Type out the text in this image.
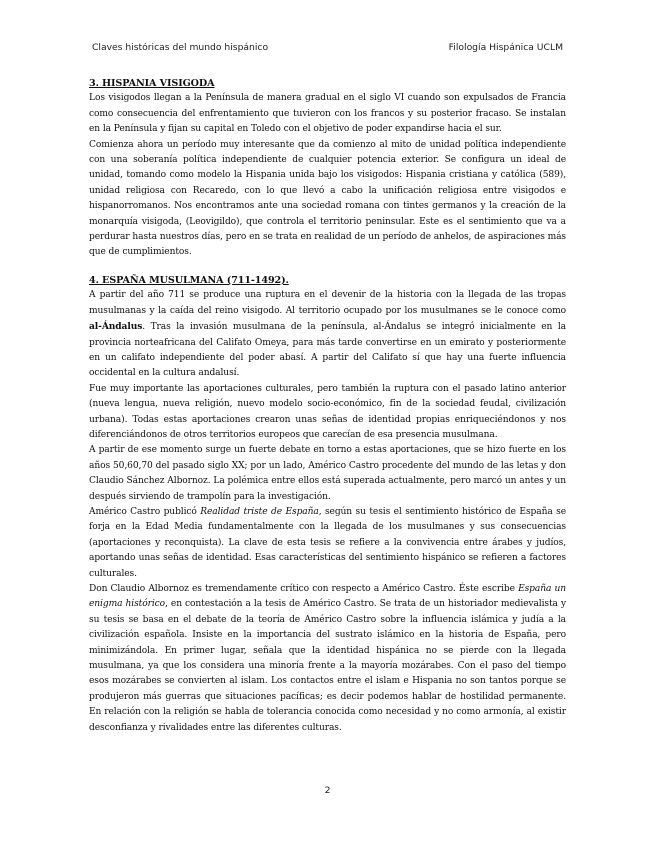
Claves históricas del mundo hispánico	Filología Hispánica UCLM

3. HISPANIA VISIGODA

Los visigodos llegan a la Península de manera gradual en el siglo VI cuando son expulsados de Francia como consecuencia del enfrentamiento que tuvieron con los francos y su posterior fracaso. Se instalan en la Península y fijan su capital en Toledo con el objetivo de poder expandirse hacia el sur.

Comienza ahora un período muy interesante que da comienzo al mito de unidad política independiente con una soberanía política independiente de cualquier potencia exterior. Se configura un ideal de unidad, tomando como modelo la Hispania unida bajo los visigodos: Hispania cristiana y católica (589), unidad religiosa con Recaredo, con lo que llevó a cabo la unificación religiosa entre visigodos e hispanorromanos. Nos encontramos ante una sociedad romana con tintes germanos y la creación de la monarquía visigoda, (Leovigildo), que controla el territorio peninsular. Este es el sentimiento que va a perdurar hasta nuestros días, pero en se trata en realidad de un período de anhelos, de aspiraciones más que de cumplimientos.

4. ESPAÑA MUSULMANA (711-1492).

A partir del año 711 se produce una ruptura en el devenir de la historia con la llegada de las tropas musulmanas y la caída del reino visigodo. Al territorio ocupado por los musulmanes se le conoce como al-Ándalus. Tras la invasión musulmana de la península, al-Ándalus se integró inicialmente en la provincia norteafricana del Califato Omeya, para más tarde convertirse en un emirato y posteriormente en un califato independiente del poder abasí. A partir del Califato sí que hay una fuerte influencia occidental en la cultura andalusí.

Fue muy importante las aportaciones culturales, pero también la ruptura con el pasado latino anterior (nueva lengua, nueva religión, nuevo modelo socio-económico, fin de la sociedad feudal, civilización urbana). Todas estas aportaciones crearon unas señas de identidad propias enriqueciéndonos y nos diferenciándonos de otros territorios europeos que carecían de esa presencia musulmana.

A partir de ese momento surge un fuerte debate en torno a estas aportaciones, que se hizo fuerte en los años 50,60,70 del pasado siglo XX; por un lado, Américo Castro procedente del mundo de las letas y don Claudio Sánchez Albornoz. La polémica entre ellos está superada actualmente, pero marcó un antes y un después sirviendo de trampolín para la investigación.

Américo Castro publicó Realidad triste de España, según su tesis el sentimiento histórico de España se forja en la Edad Media fundamentalmente con la llegada de los musulmanes y sus consecuencias (aportaciones y reconquista). La clave de esta tesis se refiere a la convivencia entre árabes y judíos, aportando unas señas de identidad. Esas características del sentimiento hispánico se refieren a factores culturales.

Don Claudio Albornoz es tremendamente crítico con respecto a Américo Castro. Éste escribe España un enigma histórico, en contestación a la tesis de Américo Castro. Se trata de un historiador medievalista y su tesis se basa en el debate de la teoría de Américo Castro sobre la influencia islámica y judía a la civilización española. Insiste en la importancia del sustrato islámico en la historia de España, pero minimizándola. En primer lugar, señala que la identidad hispánica no se pierde con la llegada musulmana, ya que los considera una minoría frente a la mayoría mozárabes. Con el paso del tiempo esos mozárabes se convierten al islam. Los contactos entre el islam e Hispania no son tantos porque se produjeron más guerras que situaciones pacíficas; es decir podemos hablar de hostilidad permanente. En relación con la religión se habla de tolerancia conocida como necesidad y no como armonía, al existir desconfianza y rivalidades entre las diferentes culturas.

2
